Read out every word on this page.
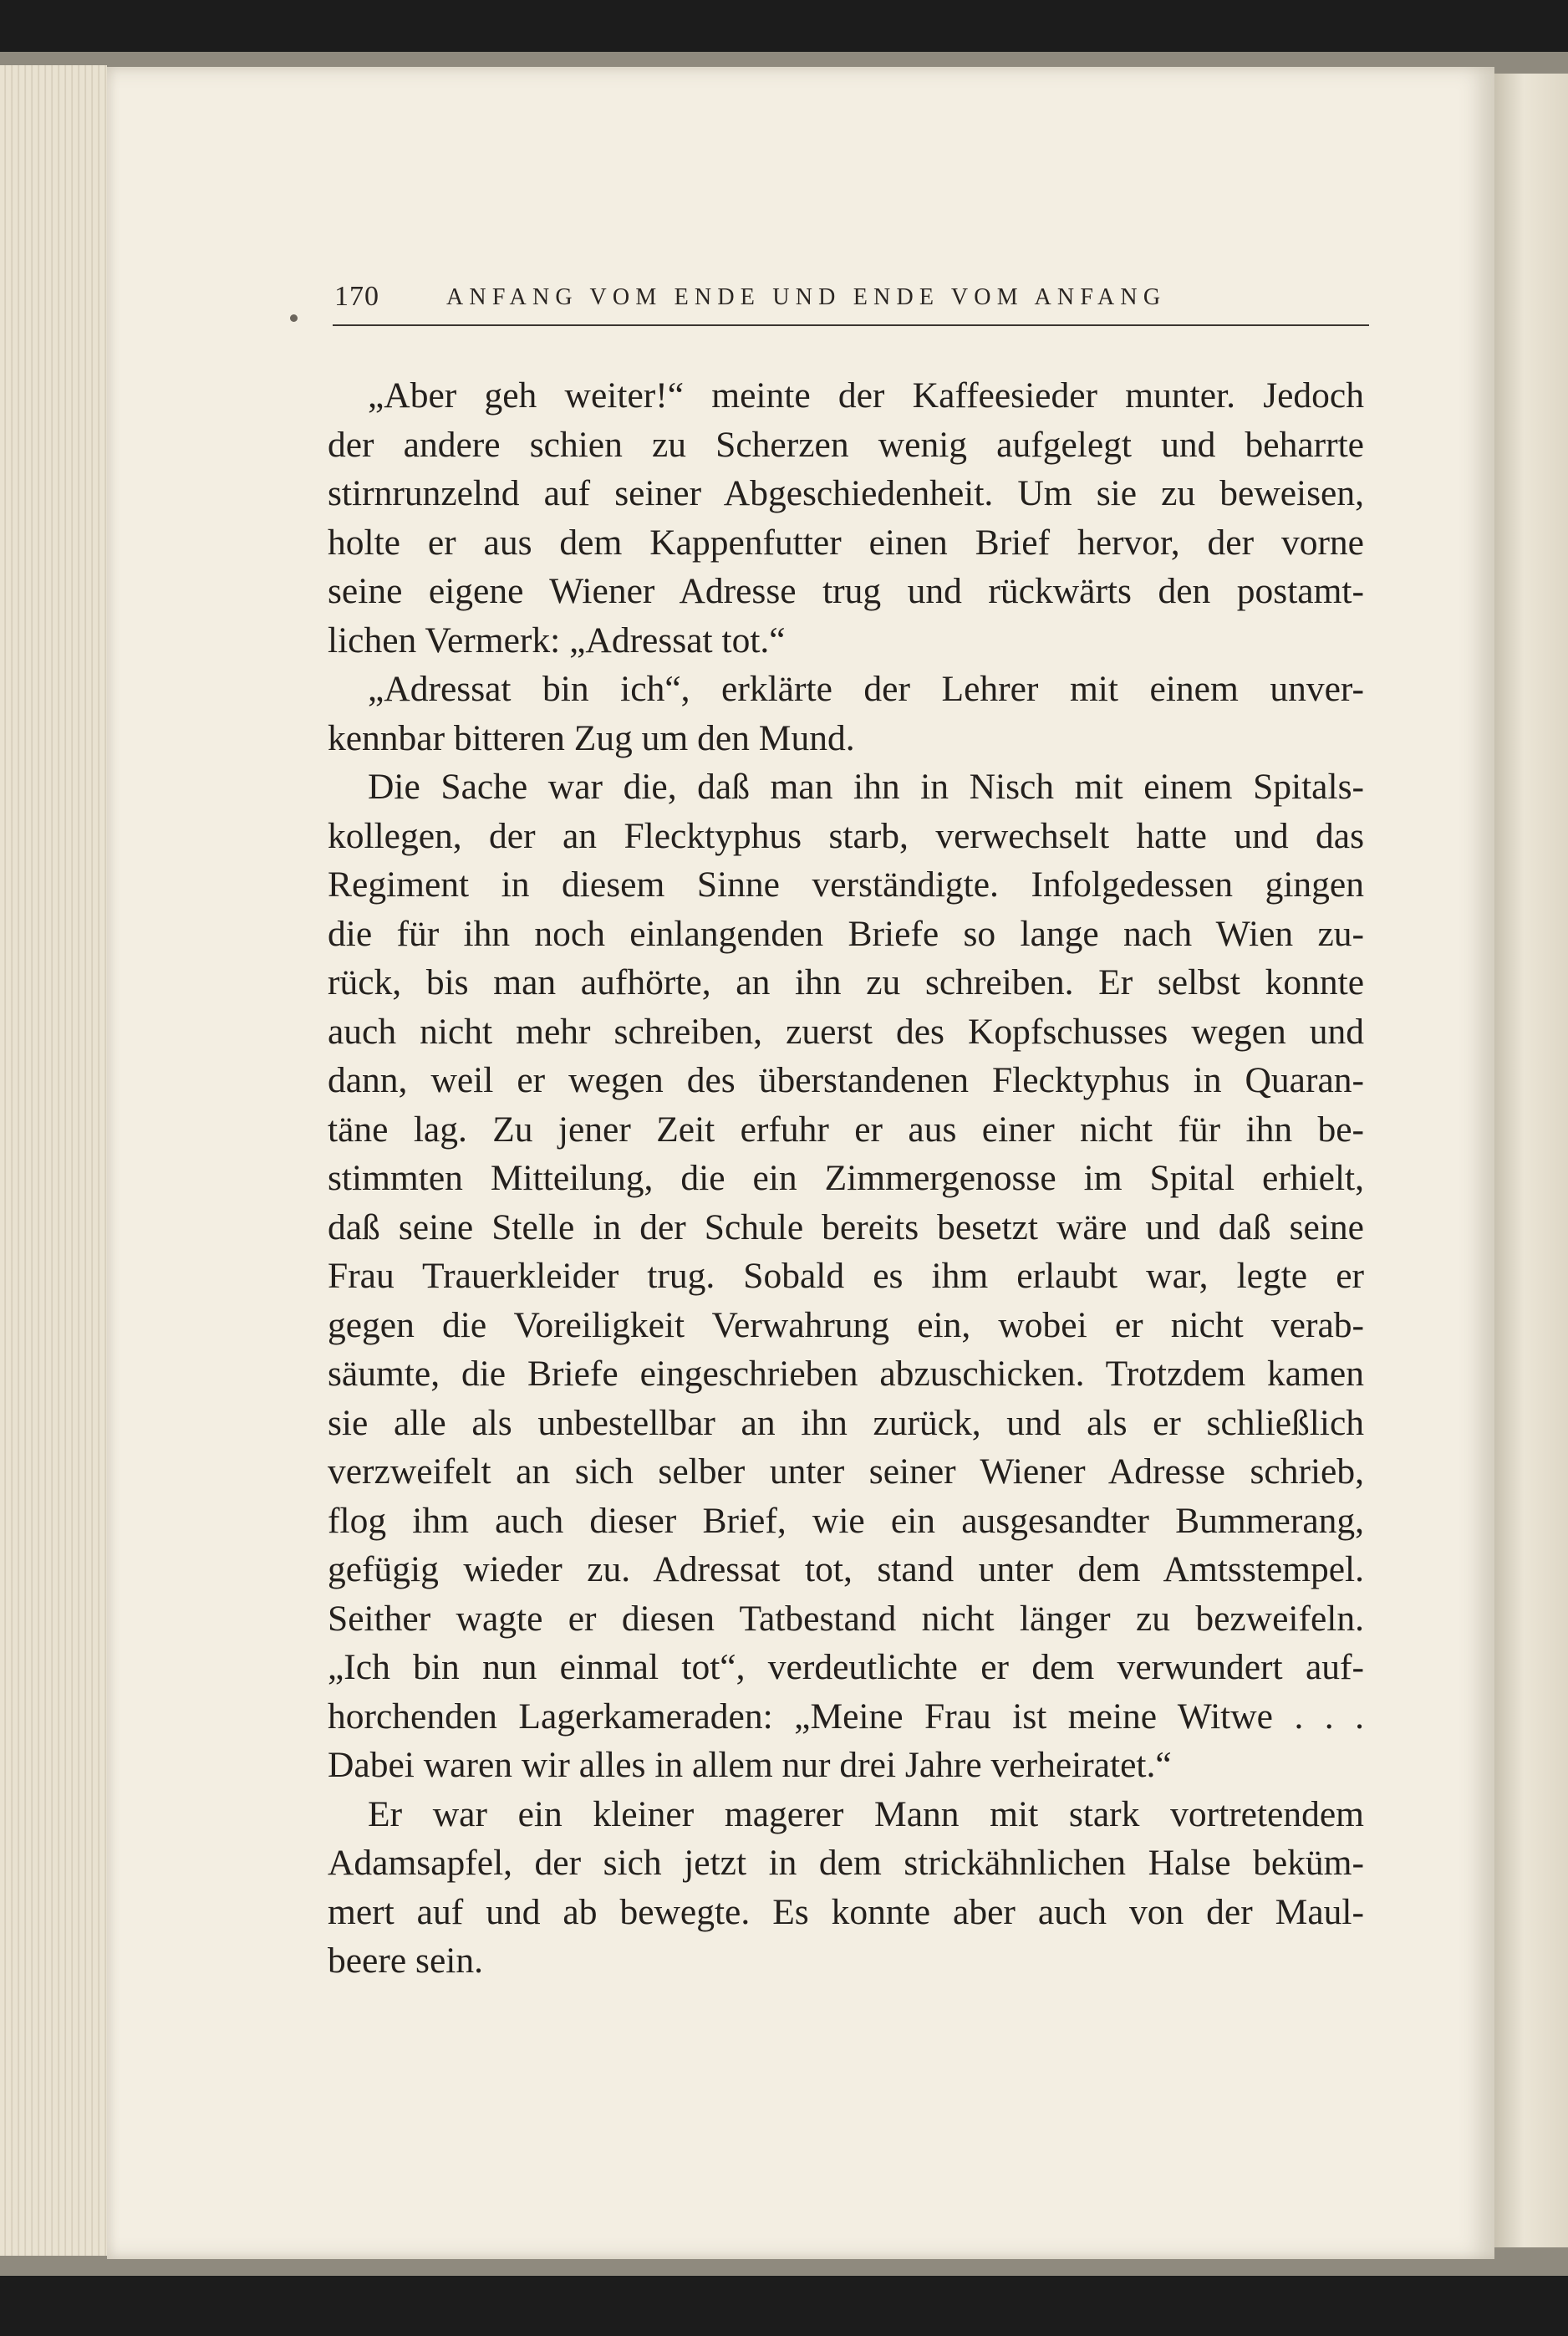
170	ANFANG VOM ENDE UND ENDE VOM ANFANG
„Aber geh weiter!“ meinte der Kaffeesieder munter. Jedoch
der andere schien zu Scherzen wenig aufgelegt und beharrte
stirnrunzelnd auf seiner Abgeschiedenheit. Um sie zu beweisen,
holte er aus dem Kappenfutter einen Brief hervor, der vorne
seine eigene Wiener Adresse trug und rückwärts den postamt-
lichen Vermerk: „Adressat tot.“
„Adressat bin ich“, erklärte der Lehrer mit einem unver-
kennbar bitteren Zug um den Mund.
Die Sache war die, daß man ihn in Nisch mit einem Spitals-
kollegen, der an Flecktyphus starb, verwechselt hatte und das
Regiment in diesem Sinne verständigte. Infolgedessen gingen
die für ihn noch einlangenden Briefe so lange nach Wien zu-
rück, bis man aufhörte, an ihn zu schreiben. Er selbst konnte
auch nicht mehr schreiben, zuerst des Kopfschusses wegen und
dann, weil er wegen des überstandenen Flecktyphus in Quaran-
täne lag. Zu jener Zeit erfuhr er aus einer nicht für ihn be-
stimmten Mitteilung, die ein Zimmergenosse im Spital erhielt,
daß seine Stelle in der Schule bereits besetzt wäre und daß seine
Frau Trauerkleider trug. Sobald es ihm erlaubt war, legte er
gegen die Voreiligkeit Verwahrung ein, wobei er nicht verab-
säumte, die Briefe eingeschrieben abzuschicken. Trotzdem kamen
sie alle als unbestellbar an ihn zurück, und als er schließlich
verzweifelt an sich selber unter seiner Wiener Adresse schrieb,
flog ihm auch dieser Brief, wie ein ausgesandter Bummerang,
gefügig wieder zu. Adressat tot, stand unter dem Amtsstempel.
Seither wagte er diesen Tatbestand nicht länger zu bezweifeln.
„Ich bin nun einmal tot“, verdeutlichte er dem verwundert auf-
horchenden Lagerkameraden: „Meine Frau ist meine Witwe . . .
Dabei waren wir alles in allem nur drei Jahre verheiratet.“
Er war ein kleiner magerer Mann mit stark vortretendem
Adamsapfel, der sich jetzt in dem strickähnlichen Halse beküm-
mert auf und ab bewegte. Es konnte aber auch von der Maul-
beere sein.
